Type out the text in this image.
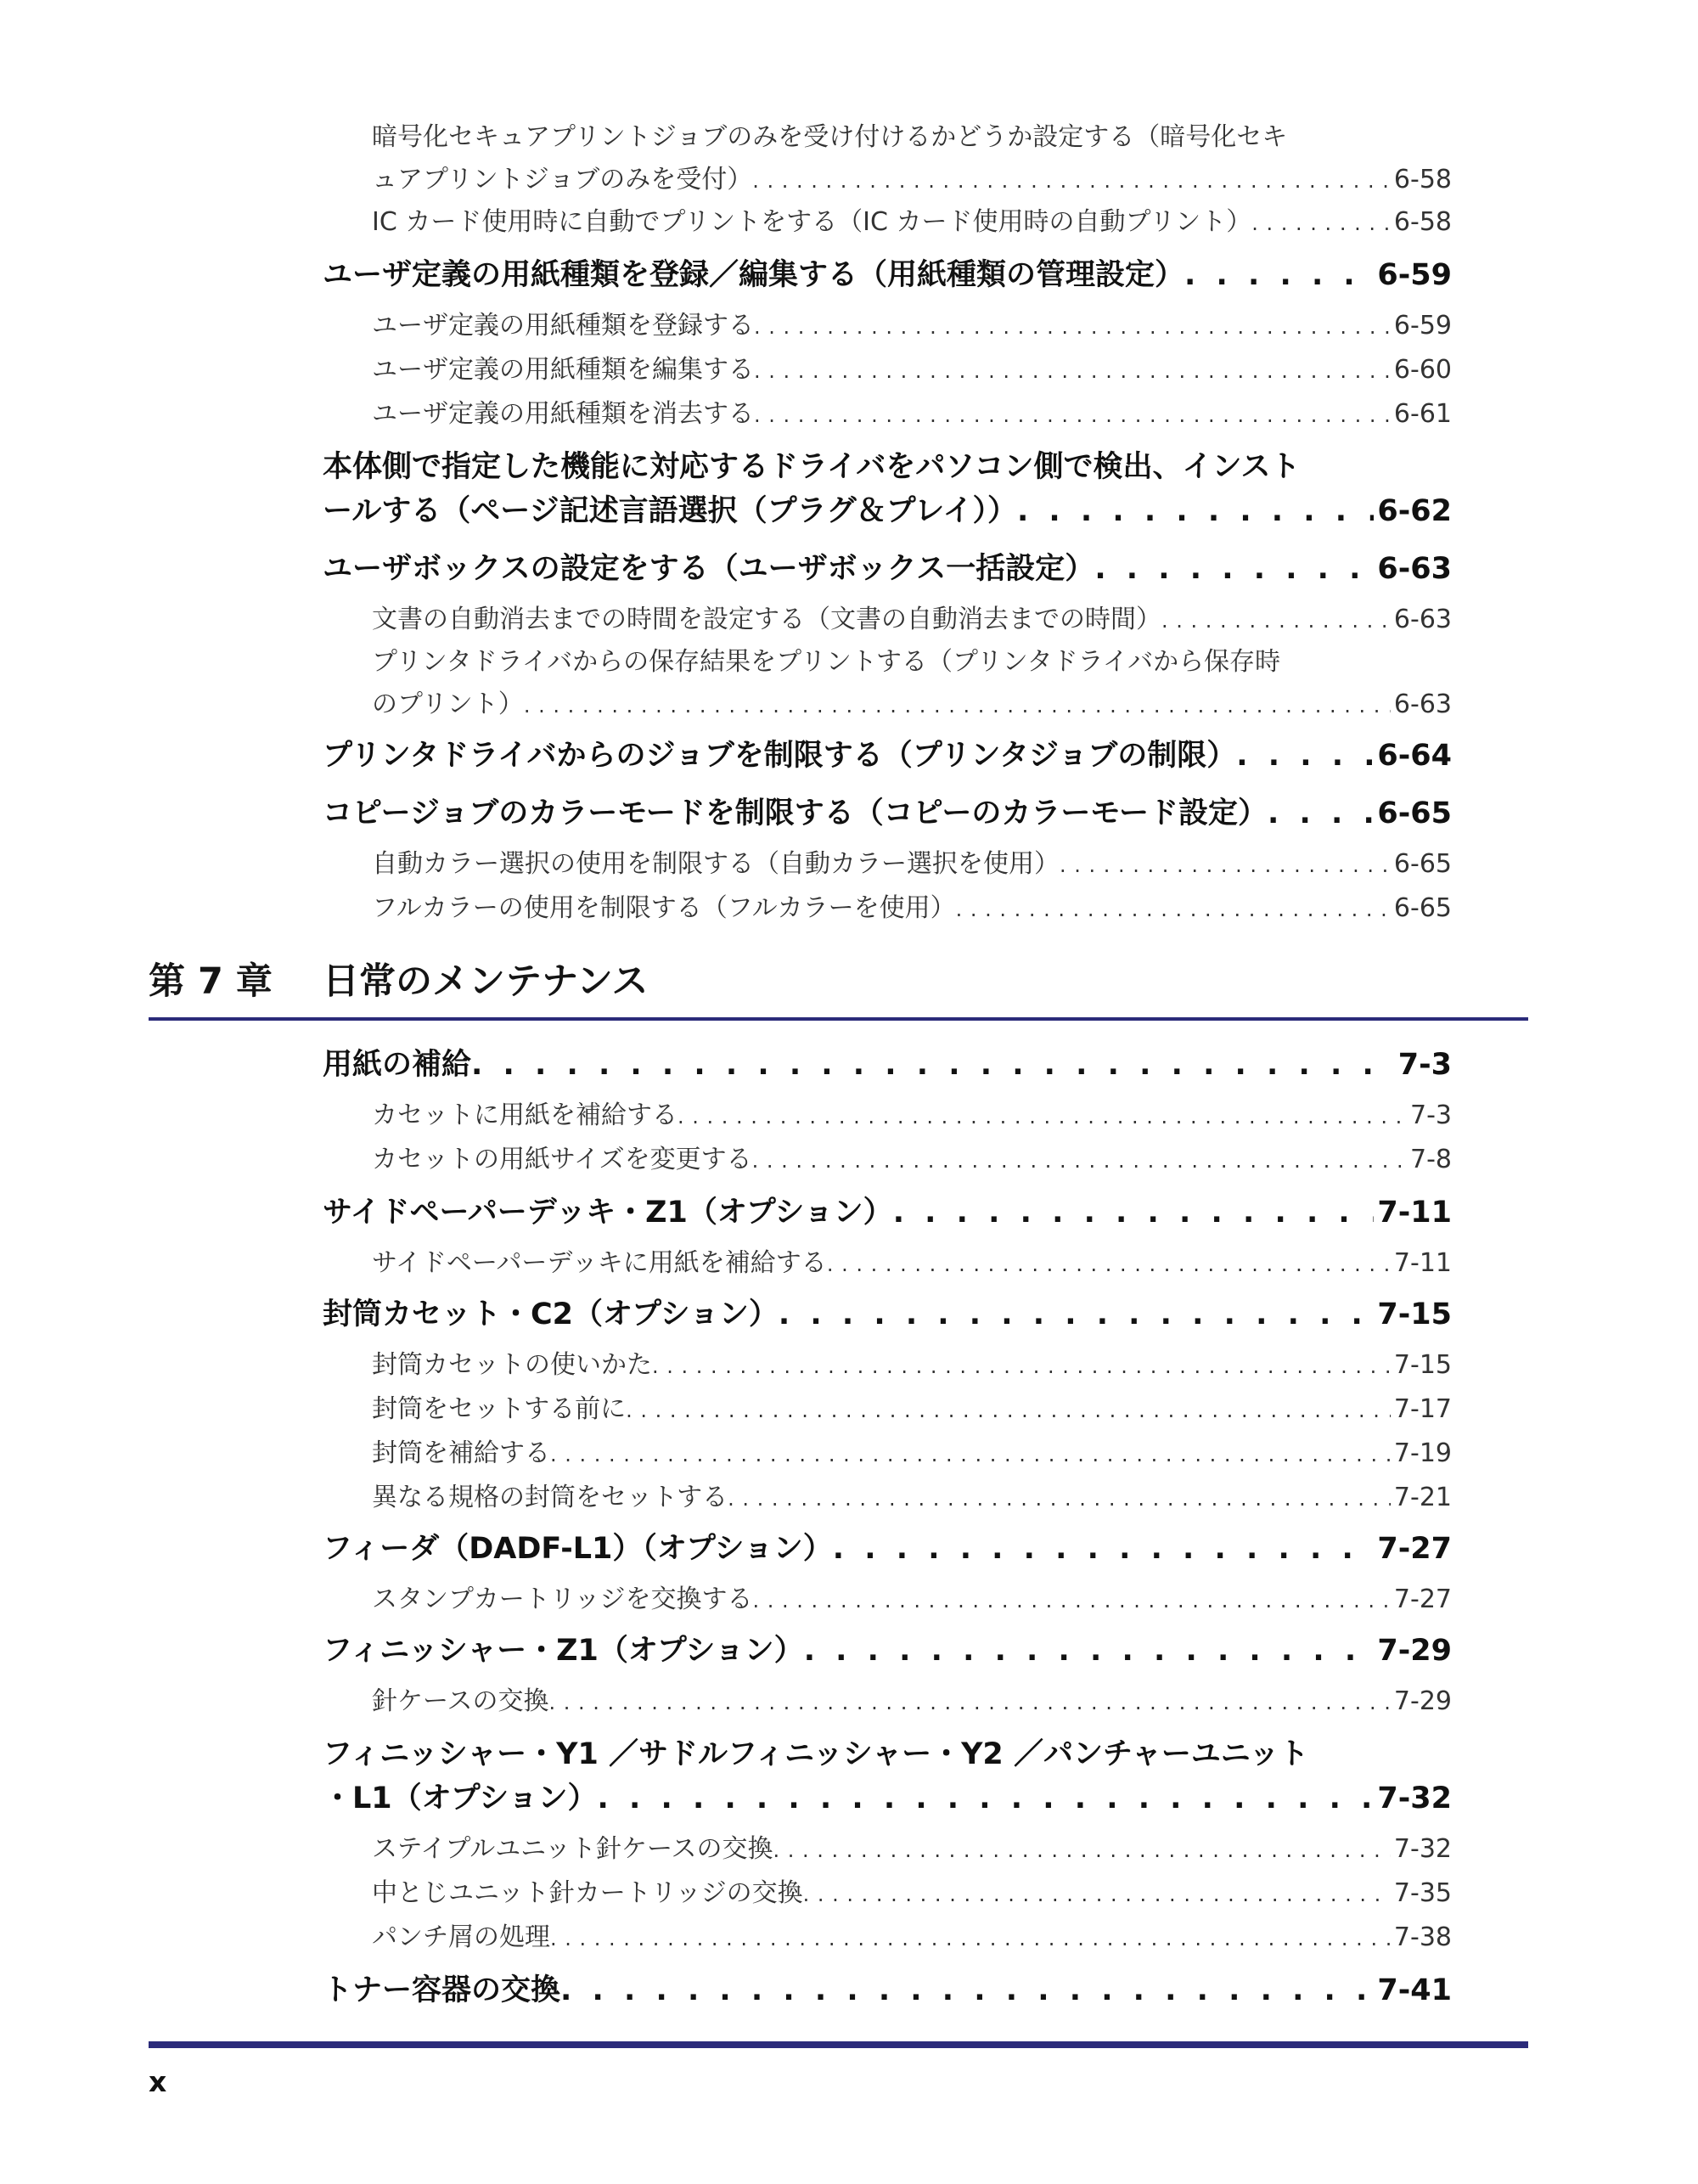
暗号化セキュアプリントジョブのみを受け付けるかどうか設定する（暗号化セキ
ュアプリントジョブのみを受付） . . .	6-58
IC カード使用時に自動でプリントをする（IC カード使用時の自動プリント） . . .	6-58
ユーザ定義の用紙種類を登録／編集する（用紙種類の管理設定） . . .	6-59
ユーザ定義の用紙種類を登録する . . .	6-59
ユーザ定義の用紙種類を編集する . . .	6-60
ユーザ定義の用紙種類を消去する . . .	6-61
本体側で指定した機能に対応するドライバをパソコン側で検出、インスト
ールする（ページ記述言語選択（プラグ＆プレイ）） . . .	6-62
ユーザボックスの設定をする（ユーザボックス一括設定） . . .	6-63
文書の自動消去までの時間を設定する（文書の自動消去までの時間） . . .	6-63
プリンタドライバからの保存結果をプリントする（プリンタドライバから保存時
のプリント） . . .	6-63
プリンタドライバからのジョブを制限する（プリンタジョブの制限） . . .	6-64
コピージョブのカラーモードを制限する（コピーのカラーモード設定） . . .	6-65
自動カラー選択の使用を制限する（自動カラー選択を使用） . . .	6-65
フルカラーの使用を制限する（フルカラーを使用） . . .	6-65
第 7 章 日常のメンテナンス
用紙の補給 . . .	7-3
カセットに用紙を補給する . . .	7-3
カセットの用紙サイズを変更する . . .	7-8
サイドペーパーデッキ・Z1（オプション） . . .	7-11
サイドペーパーデッキに用紙を補給する . . .	7-11
封筒カセット・C2（オプション） . . .	7-15
封筒カセットの使いかた . . .	7-15
封筒をセットする前に . . .	7-17
封筒を補給する . . .	7-19
異なる規格の封筒をセットする . . .	7-21
フィーダ（DADF-L1）（オプション） . . .	7-27
スタンプカートリッジを交換する . . .	7-27
フィニッシャー・Z1（オプション） . . .	7-29
針ケースの交換 . . .	7-29
フィニッシャー・Y1 ／サドルフィニッシャー・Y2 ／パンチャーユニット
・L1（オプション） . . .	7-32
ステイプルユニット針ケースの交換 . . .	7-32
中とじユニット針カートリッジの交換 . . .	7-35
パンチ屑の処理 . . .	7-38
トナー容器の交換 . . .	7-41
x
